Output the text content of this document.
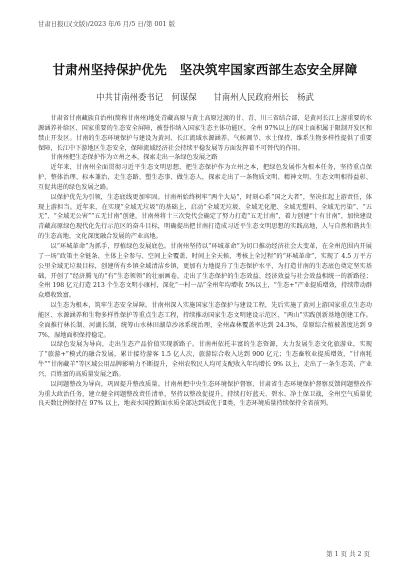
甘肃日报(汉文版)/2023 年/6 月/5 日/第 001 版
甘肃州坚持保护优先　坚决筑牢国家西部生态安全屏障
中共甘南州委书记　何谋保 甘南州人民政府州长　杨武

甘肃省甘南藏族自治州(简称甘南州)地处青藏高原与黄土高原过渡的甘、青、川三省结合部，是黄河长江上游重要的水源涵养补给区、国家重要的生态安全屏障，被誉作纳入国家生态主体功能区，全州 97%以上的国土面积属于限制开发区和禁止开发区。甘南的生态环境保护与建设为黄河、长江流域水源涵养、气候调节、水土保持、维系生物多样性提供了重要保障，长江中下游地区生态安全，保障流域经济社会持续平稳发展等方面发挥着不可替代的作用。

甘南州把生态保护作为立州之本，探索走出一条绿色发展之路

近年来，甘南州全面贯彻习近平生态文明思想，把生态保护作为立州之本，把绿色发展作为根本任务，坚持重点保护、整体治理、标本兼治，走生态路、塑生态事、做生态人，探索走出了一条物质文明、精神文明、生态文明相得益彰、互促共进的绿色发展之路。

以保护优先为引领，生态底线更加牢固。甘南州始终树牢“两个大局”，时刻心系“国之大者”，坚决扛起上游责任，体现上游担当。近年来，在实现“全域无垃圾”的基础上，启动“全域无垃圾、全域无化肥、全域无塑料、全域无污染”、“五无”、“全域无公害”“五无甘南”创建，甘南州将十三次党代会确定了努力打造“五无甘南”，着力创建“十有甘南”，加快建设青藏高原绿色现代化先行示范区的奋斗目标，明确提出把甘南打造成习近平生态文明思想的实践高地，人与自然和谐共生的生态高地、文化深度融合发展的产业高地。

以“环城革命”为抓手，厚植绿色发展底色。甘南州坚持以“环城革命”为切口推动经济社会大变革，在全州范围内开展了一场“政策主全链条、主体上全参与、空间上全覆盖、时间上全天候、考核上全过程”的“环城革命”，实现了 4.5 万平方公里全域无垃圾目标，创建所有乡镇全域清洁乡镇，更加有力地提升了生态保护水平，为打造甘南的生态底色奠定坚实基础，开创了“经济腾飞的“有”生态领领”的壮丽画卷，走出了生态保护的生态效益、经济效益与社会效益相统一的新路径；全州 198 亿元打造 213 个生态文明小康村，深化“一村一品”全州年均增收 5%以上，“生态+”产业提质增效，持续带动群众增收致富。

以生态为根本，筑牢生态安全屏障。甘南州深入实施国家生态保护与建设工程，先后实施了黄河上游国家重点生态功能区、水源涵养和生物多样性保护等重点生态工程，持续推动国家生态文明建设示范区、“两山”实践创新基地创建工作。全面推行林长制、河湖长制，统筹山水林田湖草沙冰系统治理，全州森林覆盖率达到 24.3%，草原综合植被盖度达到 97%，湿地面积保持稳定。

以绿色发展为导向，走出生态产品价值实现新路子。甘南州依托丰富的生态资源，大力发展生态文化旅游业，实现了“旅游+”模式的融合发展，累计接待游客 1.5 亿人次，旅游综合收入达到 900 亿元；生态畜牧业提质增效，“甘南牦牛”“甘南藏羊”等区域公用品牌影响力不断提升，全州农牧民人均可支配收入年均增长 9% 以上，走出了一条生态美、产业兴、百姓富的高质量发展之路。

以问题整改为导向，巩固提升整改质量。甘南州把中央生态环境保护督察、甘肃省生态环境保护督察反馈问题整改作为重大政治任务，建立健全问题整改责任清单，坚持以整改促提升，持续打好蓝天、碧水、净土保卫战，全州空气质量优良天数比例保持在 97% 以上，地表水国控断面水质全部达到或优于Ⅱ类，生态环境质量持续保持全省前列。

第 1 页 共 2 页
